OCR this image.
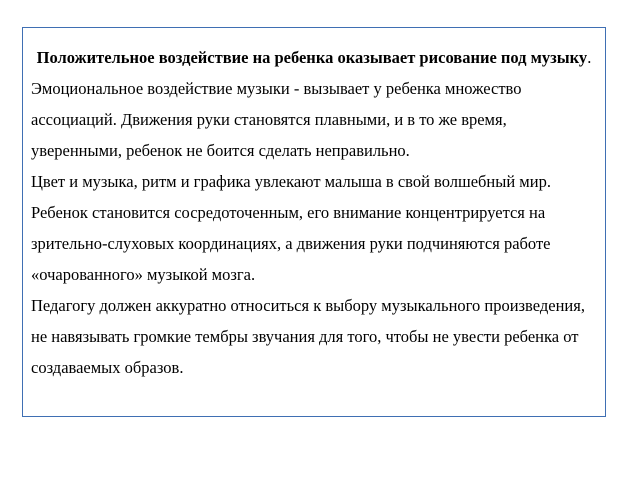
Положительное воздействие на ребенка оказывает рисование под музыку.

Эмоциональное воздействие музыки - вызывает у ребенка множество ассоциаций. Движения руки становятся плавными, и в то же время, уверенными, ребенок не боится сделать неправильно.

Цвет и музыка, ритм и графика увлекают малыша в свой волшебный мир. Ребенок становится сосредоточенным, его внимание концентрируется на зрительно-слуховых координациях, а движения руки подчиняются работе «очарованного» музыкой мозга.

Педагогу должен аккуратно относиться к выбору музыкального произведения, не навязывать громкие тембры звучания для того, чтобы не увести ребенка от создаваемых образов.
